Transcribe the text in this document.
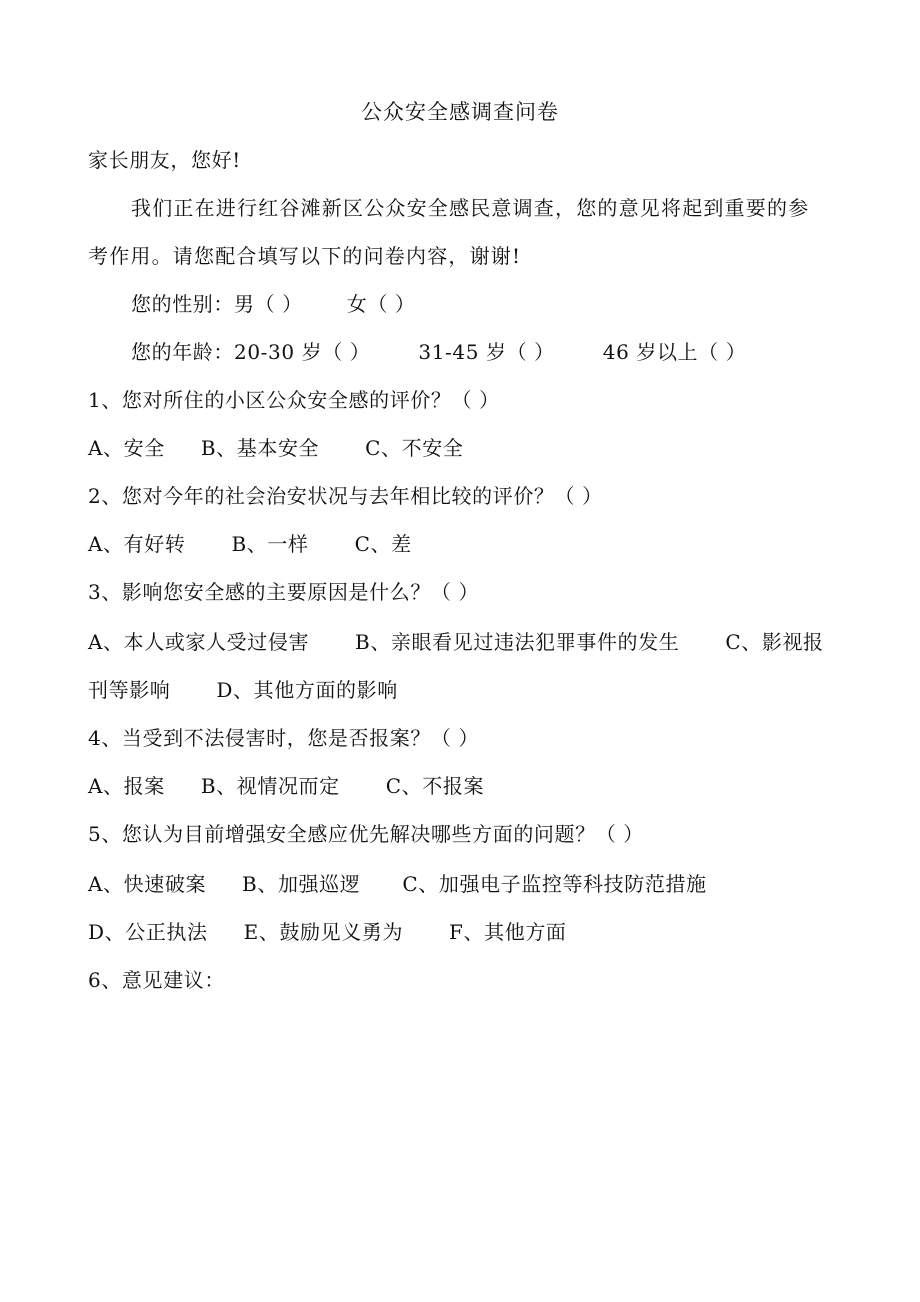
公众安全感调查问卷
家长朋友，您好!
我们正在进行红谷滩新区公众安全感民意调查，您的意见将起到重要的参
考作用。请您配合填写以下的问卷内容，谢谢!
您的性别：男（ ） 女（ ）
您的年龄：20-30 岁（ ） 31-45 岁（ ） 46 岁以上（ ）
1、您对所住的小区公众安全感的评价？（ ）
A、安全 B、基本安全 C、不安全
2、您对今年的社会治安状况与去年相比较的评价？（ ）
A、有好转 B、一样 C、差
3、影响您安全感的主要原因是什么？（ ）
A、本人或家人受过侵害 B、亲眼看见过违法犯罪事件的发生 C、影视报
刊等影响 D、其他方面的影响
4、当受到不法侵害时，您是否报案？（ ）
A、报案 B、视情况而定 C、不报案
5、您认为目前增强安全感应优先解决哪些方面的问题？（ ）
A、快速破案 B、加强巡逻 C、加强电子监控等科技防范措施
D、公正执法 E、鼓励见义勇为 F、其他方面
6、意见建议：
